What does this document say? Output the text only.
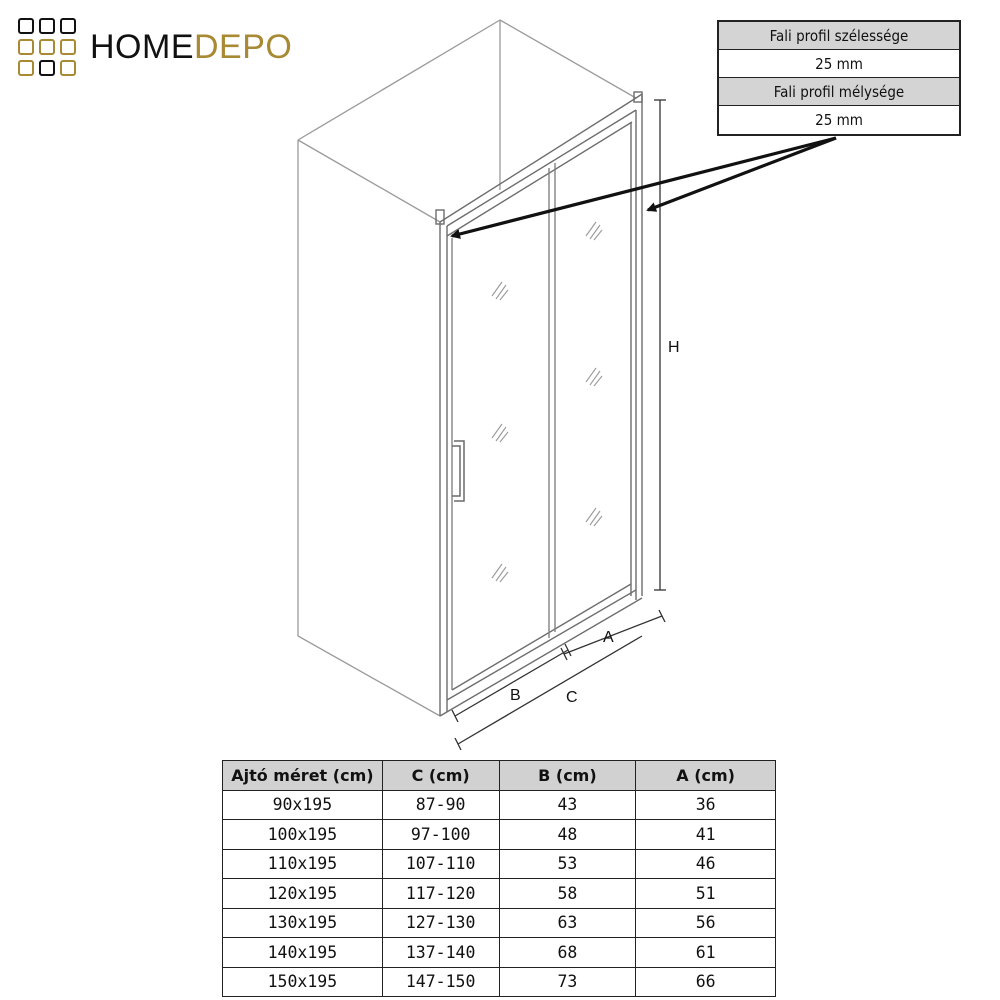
HOMEDEPO
H
A
B	C
Fali profil szélessége
25 mm
Fali profil mélysége
25 mm
Ajtó méret (cm)	C (cm)	B (cm)	A (cm)
90x195	87-90	43	36
100x195	97-100	48	41
110x195	107-110	53	46
120x195	117-120	58	51
130x195	127-130	63	56
140x195	137-140	68	61
150x195	147-150	73	66
